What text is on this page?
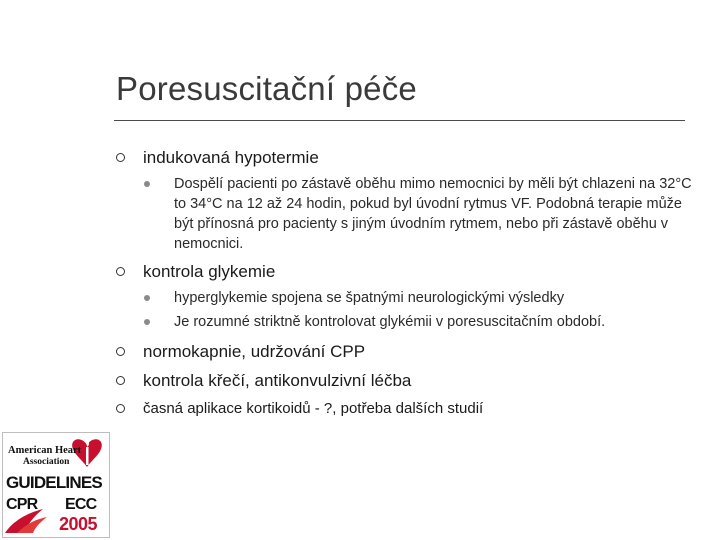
Poresuscitační péče
indukovaná hypotermie
Dospělí pacienti po zástavě oběhu mimo nemocnici by měli být chlazeni na 32°C to 34°C na 12 až 24 hodin, pokud byl úvodní rytmus VF. Podobná terapie může být přínosná pro pacienty s jiným úvodním rytmem, nebo při zástavě oběhu v nemocnici.
kontrola glykemie
hyperglykemie spojena se špatnými neurologickými výsledky
Je rozumné striktně kontrolovat glykémii v poresuscitačním období.
normokapnie, udržování CPP
kontrola křečí, antikonvulzivní léčba
časná aplikace kortikoidů - ?, potřeba dalších studií
American Heart
Association
GUIDELINES
CPR ECC
2005
